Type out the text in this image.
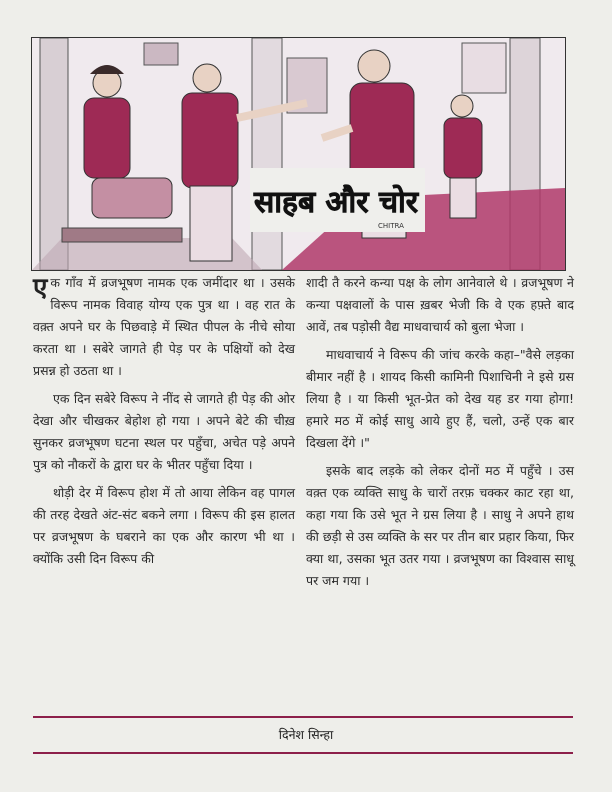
साहब और चोर
CHITRA

एक गाँव में व्रजभूषण नामक एक जमींदार था । उसके विरूप नामक विवाह योग्य एक पुत्र था । वह रात के वक़्त अपने घर के पिछवाड़े में स्थित पीपल के नीचे सोया करता था । सबेरे जागते ही पेड़ पर के पक्षियों को देख प्रसन्न हो उठता था ।

एक दिन सबेरे विरूप ने नींद से जागते ही पेड़ की ओर देखा और चीखकर बेहोश हो गया । अपने बेटे की चीख़ सुनकर व्रजभूषण घटना स्थल पर पहुँचा, अचेत पड़े अपने पुत्र को नौकरों के द्वारा घर के भीतर पहुँचा दिया ।

थोड़ी देर में विरूप होश में तो आया लेकिन वह पागल की तरह देखते अंट-संट बकने लगा । विरूप की इस हालत पर व्रजभूषण के घबराने का एक और कारण भी था । क्योंकि उसी दिन विरूप की

शादी तै करने कन्या पक्ष के लोग आनेवाले थे । व्रजभूषण ने कन्या पक्षवालों के पास ख़बर भेजी कि वे एक हफ़्ते बाद आवें, तब पड़ोसी वैद्य माधवाचार्य को बुला भेजा ।

माधवाचार्य ने विरूप की जांच करके कहा–"वैसे लड़का बीमार नहीं है । शायद किसी कामिनी पिशाचिनी ने इसे ग्रस लिया है । या किसी भूत-प्रेत को देख यह डर गया होगा! हमारे मठ में कोई साधु आये हुए हैं, चलो, उन्हें एक बार दिखला देंगे ।"

इसके बाद लड़के को लेकर दोनों मठ में पहुँचे । उस वक़्त एक व्यक्ति साधु के चारों तरफ़ चक्कर काट रहा था, कहा गया कि उसे भूत ने ग्रस लिया है । साधु ने अपने हाथ की छड़ी से उस व्यक्ति के सर पर तीन बार प्रहार किया, फिर क्या था, उसका भूत उतर गया । व्रजभूषण का विश्वास साधू पर जम गया ।

दिनेश सिन्हा
